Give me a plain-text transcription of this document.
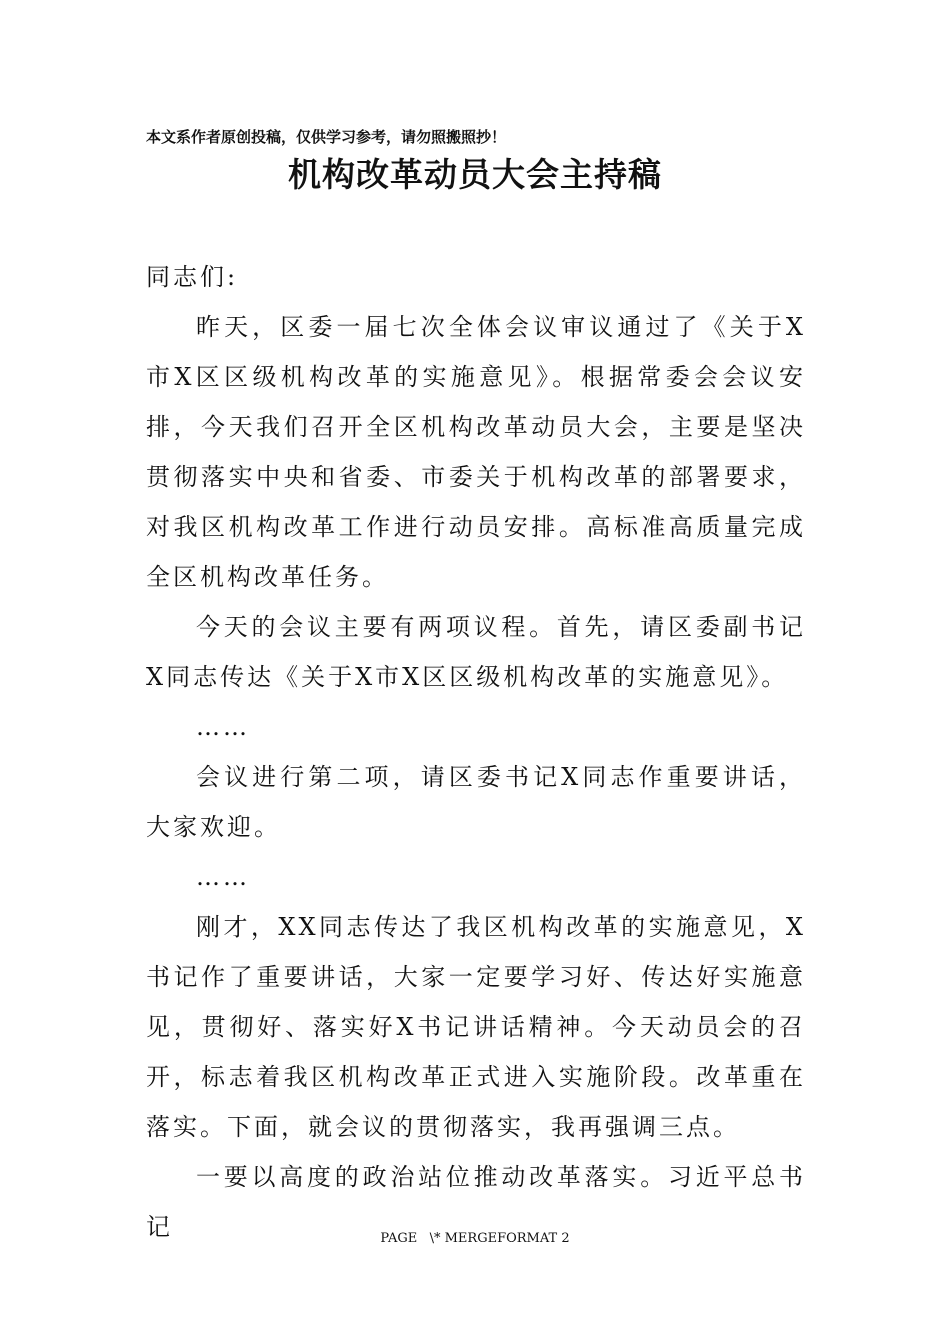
本文系作者原创投稿，仅供学习参考，请勿照搬照抄！
机构改革动员大会主持稿

同志们:

昨天，区委一届七次全体会议审议通过了《关于X市X区区级机构改革的实施意见》。根据常委会会议安排，今天我们召开全区机构改革动员大会，主要是坚决贯彻落实中央和省委、市委关于机构改革的部署要求，对我区机构改革工作进行动员安排。高标准高质量完成全区机构改革任务。

今天的会议主要有两项议程。首先，请区委副书记X同志传达《关于X市X区区级机构改革的实施意见》。

……

会议进行第二项，请区委书记X同志作重要讲话，大家欢迎。

……

刚才，XX同志传达了我区机构改革的实施意见，X书记作了重要讲话，大家一定要学习好、传达好实施意见，贯彻好、落实好X书记讲话精神。今天动员会的召开，标志着我区机构改革正式进入实施阶段。改革重在落实。下面，就会议的贯彻落实，我再强调三点。

一要以高度的政治站位推动改革落实。习近平总书记	PAGE   \* MERGEFORMAT 2
